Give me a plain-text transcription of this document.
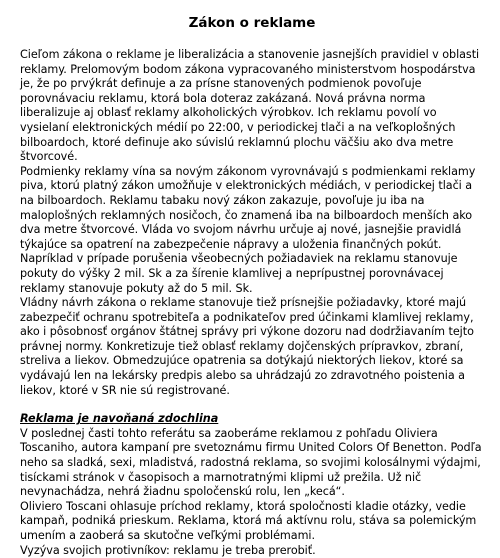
Zákon o reklame

Cieľom zákona o reklame je liberalizácia a stanovenie jasnejších pravidiel v oblasti reklamy. Prelomovým bodom zákona vypracovaného ministerstvom hospodárstva je, že po prvýkrát definuje a za prísne stanovených podmienok povoľuje porovnávaciu reklamu, ktorá bola doteraz zakázaná. Nová právna norma liberalizuje aj oblasť reklamy alkoholických výrobkov. Ich reklamu povolí vo vysielaní elektronických médií po 22:00, v periodickej tlači a na veľkoplošných bilboardoch, ktoré definuje ako súvislú reklamnú plochu väčšiu ako dva metre štvorcové.

Podmienky reklamy vína sa novým zákonom vyrovnávajú s podmienkami reklamy piva, ktorú platný zákon umožňuje v elektronických médiách, v periodickej tlači a na bilboardoch. Reklamu tabaku nový zákon zakazuje, povoľuje ju iba na maloplošných reklamných nosičoch, čo znamená iba na bilboardoch menších ako dva metre štvorcové. Vláda vo svojom návrhu určuje aj nové, jasnejšie pravidlá týkajúce sa opatrení na zabezpečenie nápravy a uloženia finančných pokút. Napríklad v prípade porušenia všeobecných požiadaviek na reklamu stanovuje pokuty do výšky 2 mil. Sk a za šírenie klamlivej a neprípustnej porovnávacej reklamy stanovuje pokuty až do 5 mil. Sk.

Vládny návrh zákona o reklame stanovuje tiež prísnejšie požiadavky, ktoré majú zabezpečiť ochranu spotrebiteľa a podnikateľov pred účinkami klamlivej reklamy, ako i pôsobnosť orgánov štátnej správy pri výkone dozoru nad dodržiavaním tejto právnej normy. Konkretizuje tiež oblasť reklamy dojčenských prípravkov, zbraní, streliva a liekov. Obmedzujúce opatrenia sa dotýkajú niektorých liekov, ktoré sa vydávajú len na lekársky predpis alebo sa uhrádzajú zo zdravotného poistenia a liekov, ktoré v SR nie sú registrované.

Reklama je navoňaná zdochlina

V poslednej časti tohto referátu sa zaoberáme reklamou z pohľadu Oliviera Toscaniho, autora kampaní pre svetoznámu firmu United Colors Of Benetton. Podľa neho sa sladká, sexi, mladistvá, radostná reklama, so svojimi kolosálnymi výdajmi, tisíckami stránok v časopisoch a marnotratnými klipmi už prežila. Už nič nevynachádza, nehrá žiadnu spoločenskú rolu, len „kecá“.

Oliviero Toscani ohlasuje príchod reklamy, ktorá spoločnosti kladie otázky, vedie kampaň, podniká prieskum. Reklama, ktorá má aktívnu rolu, stáva sa polemickým umením a zaoberá sa skutočne veľkými problémami.

Vyzýva svojich protivníkov: reklamu je treba prerobiť.
